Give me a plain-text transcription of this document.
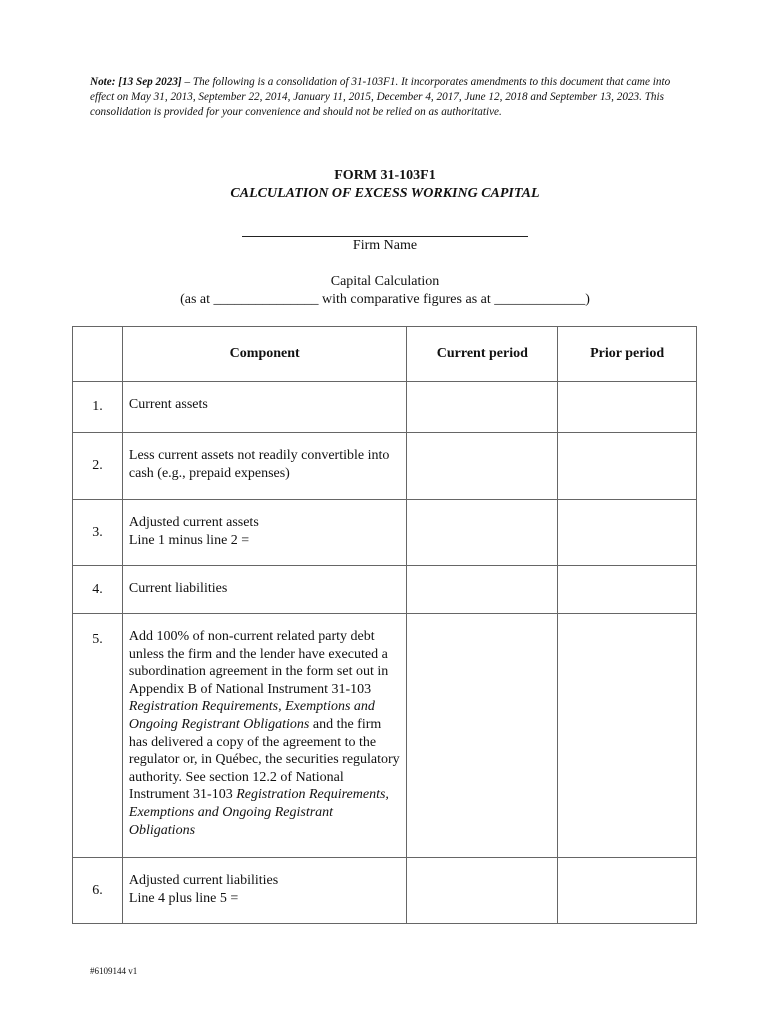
Note: [13 Sep 2023] – The following is a consolidation of 31-103F1. It incorporates amendments to this document that came into effect on May 31, 2013, September 22, 2014, January 11, 2015, December 4, 2017, June 12, 2018 and September 13, 2023. This consolidation is provided for your convenience and should not be relied on as authoritative.
FORM 31-103F1
CALCULATION OF EXCESS WORKING CAPITAL
Firm Name
Capital Calculation
(as at _______________ with comparative figures as at _____________)
	Component	Current period	Prior period
1.	Current assets		
2.	Less current assets not readily convertible into cash (e.g., prepaid expenses)		
3.	Adjusted current assets
Line 1 minus line 2 =		
4.	Current liabilities		
5.	Add 100% of non-current related party debt unless the firm and the lender have executed a subordination agreement in the form set out in Appendix B of National Instrument 31-103 Registration Requirements, Exemptions and Ongoing Registrant Obligations and the firm has delivered a copy of the agreement to the regulator or, in Québec, the securities regulatory authority. See section 12.2 of National Instrument 31-103 Registration Requirements, Exemptions and Ongoing Registrant Obligations		
6.	Adjusted current liabilities
Line 4 plus line 5 =		
#6109144 v1
